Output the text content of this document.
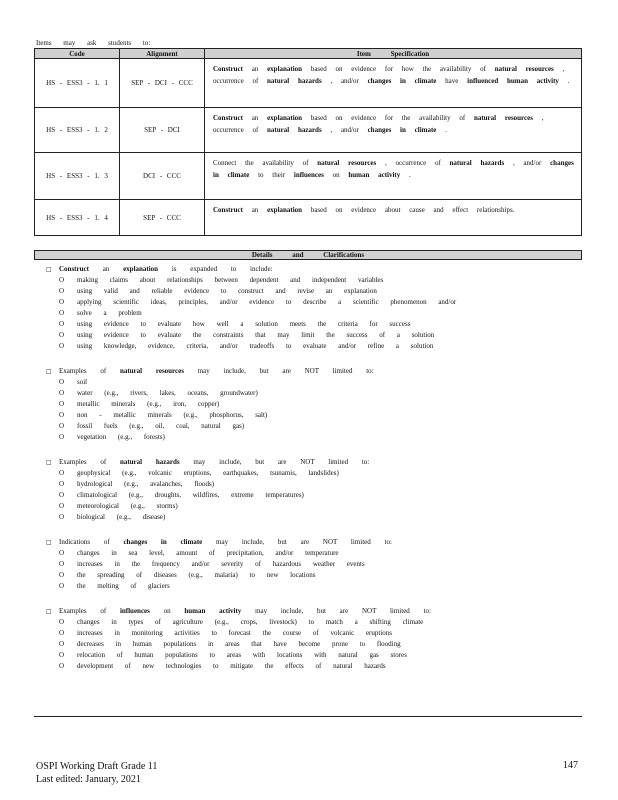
Items may ask students to:
Code	Alignment	Item Specification
HS - ESS3 - 1. 1	SEP - DCI - CCC	Construct an explanation based on evidence for how the availability of natural resources , occurrence of natural hazards , and/or changes in climate have influenced human activity .
HS - ESS3 - 1. 2	SEP - DCI	Construct an explanation based on evidence for the availability of natural resources , occurrence of natural hazards , and/or changes in climate .
HS - ESS3 - 1. 3	DCI - CCC	Connect the availability of natural resources , occurrence of natural hazards , and/or changes in climate to their influences on human activity .
HS - ESS3 - 1. 4	SEP - CCC	Construct an explanation based on evidence about cause and effect relationships.
Details and Clarifications
□	Construct an explanation is expanded to include:
O	making claims about relationships between dependent and independent variables
O	using valid and reliable evidence to construct and revise an explanation
O	applying scientific ideas, principles, and/or evidence to describe a scientific phenomenon and/or
O	solve a problem
O	using evidence to evaluate how well a solution meets the criteria for success
O	using evidence to evaluate the constraints that may limit the success of a solution
O	using knowledge, evidence, criteria, and/or tradeoffs to evaluate and/or refine a solution
□	Examples of natural resources may include, but are NOT limited to:
O	soil
O	water (e.g., rivers, lakes, oceans, groundwater)
O	metallic minerals (e.g., iron, copper)
O	non - metallic minerals (e.g., phosphorus, salt)
O	fossil fuels (e.g., oil, coal, natural gas)
O	vegetation (e.g., forests)
□	Examples of natural hazards may include, but are NOT limited to:
O	geophysical (e.g., volcanic eruptions, earthquakes, tsunamis, landslides)
O	hydrological (e.g., avalanches, floods)
O	climatological (e.g., droughts, wildfires, extreme temperatures)
O	meteorological (e.g., storms)
O	biological (e.g., disease)
□	Indications of changes in climate may include, but are NOT limited to:
O	changes in sea level, amount of precipitation, and/or temperature
O	increases in the frequency and/or severity of hazardous weather events
O	the spreading of diseases (e.g., malaria) to new locations
O	the melting of glaciers
□	Examples of influences on human activity may include, but are NOT limited to:
O	changes in types of agriculture (e.g., crops, livestock) to match a shifting climate
O	increases in monitoring activities to forecast the course of volcanic eruptions
O	decreases in human populations in areas that have become prone to flooding
O	relocation of human populations to areas with locations with natural gas stores
O	development of new technologies to mitigate the effects of natural hazards
OSPI Working Draft Grade 11
Last edited: January, 2021
147
